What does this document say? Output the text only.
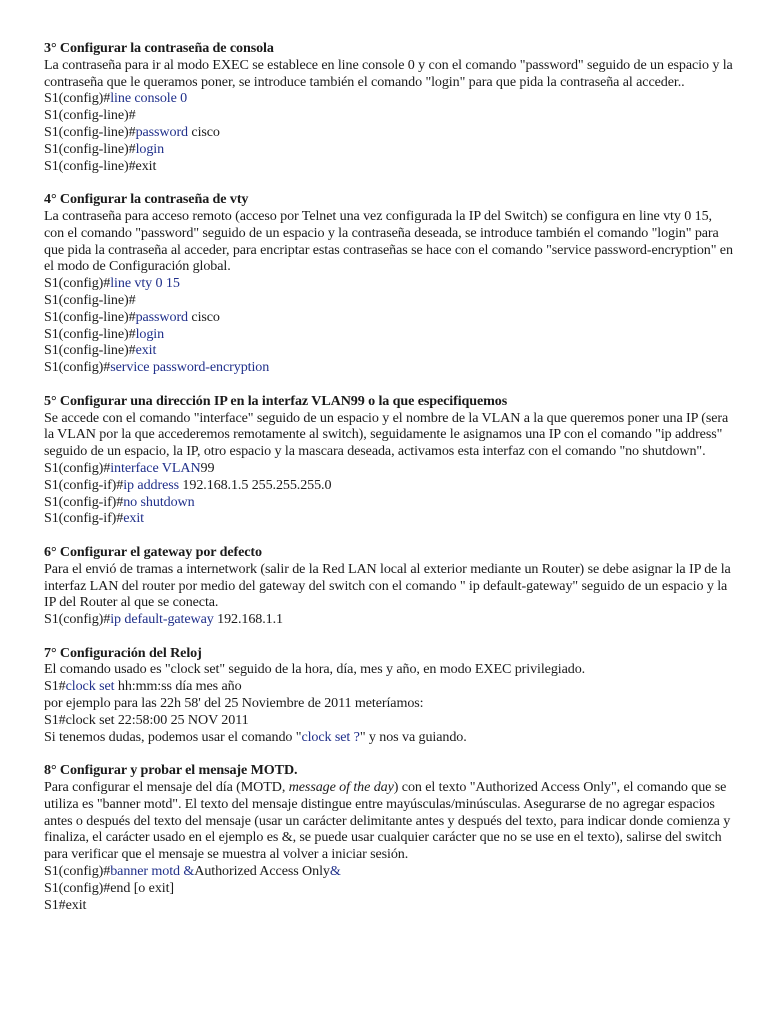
3° Configurar la contraseña de consola
La contraseña para ir al modo EXEC se establece en line console 0 y con el comando "password" seguido de un espacio y la contraseña que le queramos poner, se introduce también el comando "login" para que pida la contraseña al acceder..
S1(config)#line console 0
S1(config-line)#
S1(config-line)#password cisco
S1(config-line)#login
S1(config-line)#exit
4° Configurar la contraseña de vty
La contraseña para acceso remoto (acceso por Telnet una vez configurada la IP del Switch) se configura en line vty 0 15, con el comando "password" seguido de un espacio y la contraseña deseada, se introduce también el comando "login" para que pida la contraseña al acceder, para encriptar estas contraseñas se hace con el comando "service password-encryption" en el modo de Configuración global.
S1(config)#line vty 0 15
S1(config-line)#
S1(config-line)#password cisco
S1(config-line)#login
S1(config-line)#exit
S1(config)#service password-encryption
5° Configurar una dirección IP en la interfaz VLAN99 o la que especifiquemos
Se accede con el comando "interface" seguido de un espacio y el nombre de la VLAN a la que queremos poner una IP (sera la VLAN por la que accederemos remotamente al switch), seguidamente le asignamos una IP con el comando "ip address" seguido de un espacio, la IP, otro espacio y la mascara deseada, activamos esta interfaz con el comando "no shutdown".
S1(config)#interface VLAN99
S1(config-if)#ip address 192.168.1.5 255.255.255.0
S1(config-if)#no shutdown
S1(config-if)#exit
6° Configurar el gateway por defecto
Para el envió de tramas a internetwork (salir de la Red LAN local al exterior mediante un Router) se debe asignar la IP de la interfaz LAN del router por medio del gateway del switch con el comando " ip default-gateway" seguido de un espacio y la IP del Router al que se conecta.
S1(config)#ip default-gateway 192.168.1.1
7° Configuración del Reloj
El comando usado es "clock set" seguido de la hora, día, mes y año, en modo EXEC privilegiado.
S1#clock set hh:mm:ss día mes año
por ejemplo para las 22h 58' del 25 Noviembre de 2011 meteríamos:
S1#clock set 22:58:00 25 NOV 2011
Si tenemos dudas, podemos usar el comando "clock set ?" y nos va guiando.
8° Configurar y probar el mensaje MOTD.
Para configurar el mensaje del día (MOTD, message of the day) con el texto "Authorized Access Only", el comando que se utiliza es "banner motd". El texto del mensaje distingue entre mayúsculas/minúsculas. Asegurarse de no agregar espacios antes o después del texto del mensaje (usar un carácter delimitante antes y después del texto, para indicar donde comienza y finaliza, el carácter usado en el ejemplo es &, se puede usar cualquier carácter que no se use en el texto), salirse del switch para verificar que el mensaje se muestra al volver a iniciar sesión.
S1(config)#banner motd &Authorized Access Only&
S1(config)#end [o exit]
S1#exit
